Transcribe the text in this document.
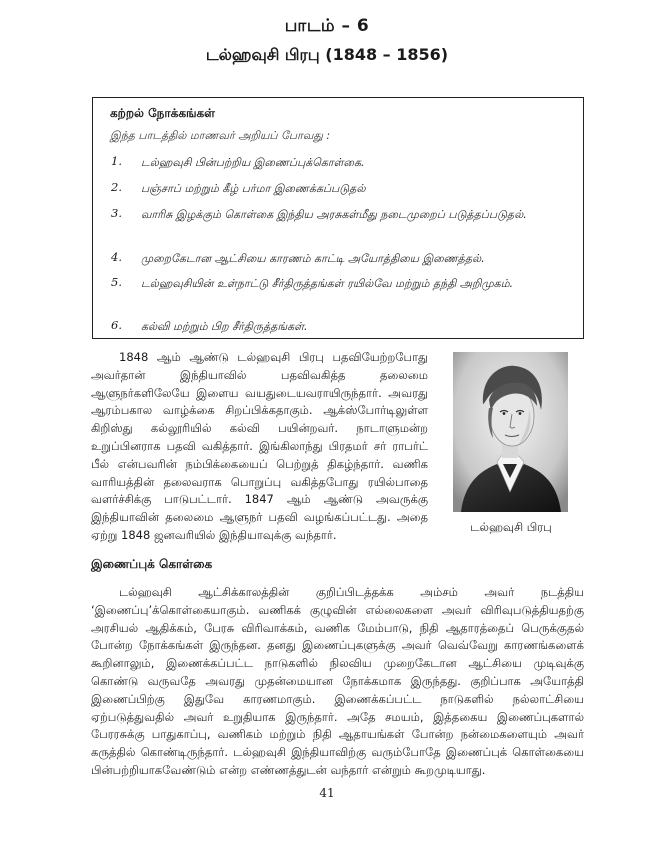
பாடம் – 6
டல்ஹவுசி பிரபு (1848 – 1856)
கற்றல் நோக்கங்கள்
இந்த பாடத்தில் மாணவர் அறியப் போவது :
1. டல்ஹவுசி பின்பற்றிய இணைப்புக்கொள்கை.
2. பஞ்சாப் மற்றும் கீழ் பர்மா இணைக்கப்படுதல்
3. வாரிசு இழக்கும் கொள்கை இந்திய அரசுகள்மீது நடைமுறைப் படுத்தப்படுதல்.
4. முறைகேடான ஆட்சியை காரணம் காட்டி அயோத்தியை இணைத்தல்.
5. டல்ஹவுசியின் உள்நாட்டு சீர்திருத்தங்கள் ரயில்வே மற்றும் தந்தி அறிமுகம்.
6. கல்வி மற்றும் பிற சீர்திருத்தங்கள்.
1848 ஆம் ஆண்டு டல்ஹவுசி பிரபு பதவியேற்றபோது அவர்தான் இந்தியாவில் பதவிவகித்த தலைமை ஆளுநர்களிலேயே இளைய வயதுடையவராயிருந்தார். அவரது ஆரம்பகால வாழ்க்கை சிறப்பிக்கதாகும். ஆக்ஸ்போர்டிலுள்ள கிறிஸ்து கல்லூரியில் கல்வி பயின்றவர். நாடாளுமன்ற உறுப்பினராக பதவி வகித்தார். இங்கிலாந்து பிரதமர் சர் ராபர்ட் பீல் என்பவரின் நம்பிக்கையைப் பெற்றுத் திகழ்ந்தார். வணிக வாரியத்தின் தலைவராக பொறுப்பு வகித்தபோது ரயில்பாதை வளர்ச்சிக்கு பாடுபட்டார். 1847 ஆம் ஆண்டு அவருக்கு இந்தியாவின் தலைமை ஆளுநர் பதவி வழங்கப்பட்டது. அதை ஏற்று 1848 ஜனவரியில் இந்தியாவுக்கு வந்தார்.
டல்ஹவுசி பிரபு
இணைப்புக் கொள்கை
டல்ஹவுசி ஆட்சிக்காலத்தின் குறிப்பிடத்தக்க அம்சம் அவர் நடத்திய ‘இணைப்பு’க்கொள்கையாகும். வணிகக் குழுவின் எல்லைகளை அவர் விரிவுபடுத்தியதற்கு அரசியல் ஆதிக்கம், பேரசு விரிவாக்கம், வணிக மேம்பாடு, நிதி ஆதாரத்தைப் பெருக்குதல் போன்ற நோக்கங்கள் இருந்தன. தனது இணைப்புகளுக்கு அவர் வெவ்வேறு காரணங்களைக் கூறினாலும், இணைக்கப்பட்ட நாடுகளில் நிலவிய முறைகேடான ஆட்சியை முடிவுக்கு கொண்டு வருவதே அவரது முதன்மையான நோக்கமாக இருந்தது. குறிப்பாக அயோத்தி இணைப்பிற்கு இதுவே காரணமாகும். இணைக்கப்பட்ட நாடுகளில் நல்லாட்சியை ஏற்படுத்துவதில் அவர் உறுதியாக இருந்தார். அதே சமயம், இத்தகைய இணைப்புகளால் பேரரசுக்கு பாதுகாப்பு, வணிகம் மற்றும் நிதி ஆதாயங்கள் போன்ற நன்மைகளையும் அவர் கருத்தில் கொண்டிருந்தார். டல்ஹவுசி இந்தியாவிற்கு வரும்போதே இணைப்புக் கொள்கையை பின்பற்றியாகவேண்டும் என்ற எண்ணத்துடன் வந்தார் என்றும் கூறமுடியாது.
41
